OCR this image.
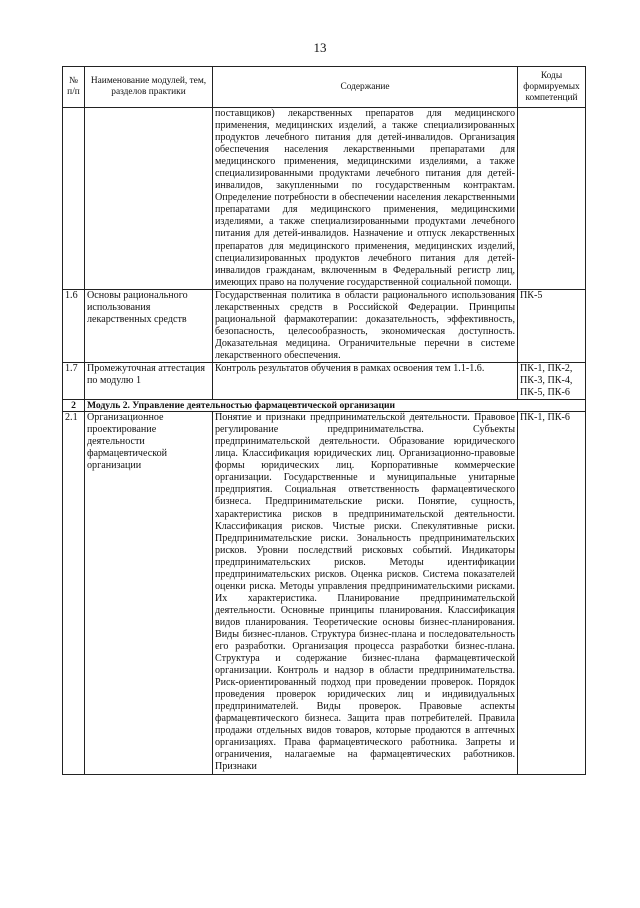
13
№ п/п	Наименование модулей, тем, разделов практики	Содержание	Коды формируемых компетенций
		поставщиков) лекарственных препаратов для медицинского применения, медицинских изделий, а также специализированных продуктов лечебного питания для детей-инвалидов. Организация обеспечения населения лекарственными препаратами для медицинского применения, медицинскими изделиями, а также специализированными продуктами лечебного питания для детей-инвалидов, закупленными по государственным контрактам. Определение потребности в обеспечении населения лекарственными препаратами для медицинского применения, медицинскими изделиями, а также специализированными продуктами лечебного питания для детей-инвалидов. Назначение и отпуск лекарственных препаратов для медицинского применения, медицинских изделий, специализированных продуктов лечебного питания для детей-инвалидов гражданам, включенным в Федеральный регистр лиц, имеющих право на получение государственной социальной помощи.	
1.6	Основы рационального использования лекарственных средств	Государственная политика в области рационального использования лекарственных средств в Российской Федерации. Принципы рациональной фармакотерапии: доказательность, эффективность, безопасность, целесообразность, экономическая доступность. Доказательная медицина. Ограничительные перечни в системе лекарственного обеспечения.	ПК-5
1.7	Промежуточная аттестация по модулю 1	Контроль результатов обучения в рамках освоения тем 1.1-1.6.	ПК-1, ПК-2, ПК-3, ПК-4, ПК-5, ПК-6
2	Модуль 2. Управление деятельностью фармацевтической организации		
2.1	Организационное проектирование деятельности фармацевтической организации	Понятие и признаки предпринимательской деятельности. Правовое регулирование предпринимательства. Субъекты предпринимательской деятельности. Образование юридического лица. Классификация юридических лиц. Организационно-правовые формы юридических лиц. Корпоративные коммерческие организации. Государственные и муниципальные унитарные предприятия. Социальная ответственность фармацевтического бизнеса. Предпринимательские риски. Понятие, сущность, характеристика рисков в предпринимательской деятельности. Классификация рисков. Чистые риски. Спекулятивные риски. Предпринимательские риски. Зональность предпринимательских рисков. Уровни последствий рисковых событий. Индикаторы предпринимательских рисков. Методы идентификации предпринимательских рисков. Оценка рисков. Система показателей оценки риска. Методы управления предпринимательскими рисками. Их характеристика. Планирование предпринимательской деятельности. Основные принципы планирования. Классификация видов планирования. Теоретические основы бизнес-планирования. Виды бизнес-планов. Структура бизнес-плана и последовательность его разработки. Организация процесса разработки бизнес-плана. Структура и содержание бизнес-плана фармацевтической организации. Контроль и надзор в области предпринимательства. Риск-ориентированный подход при проведении проверок. Порядок проведения проверок юридических лиц и индивидуальных предпринимателей. Виды проверок. Правовые аспекты фармацевтического бизнеса. Защита прав потребителей. Правила продажи отдельных видов товаров, которые продаются в аптечных организациях. Права фармацевтического работника. Запреты и ограничения, налагаемые на фармацевтических работников. Признаки	ПК-1, ПК-6
